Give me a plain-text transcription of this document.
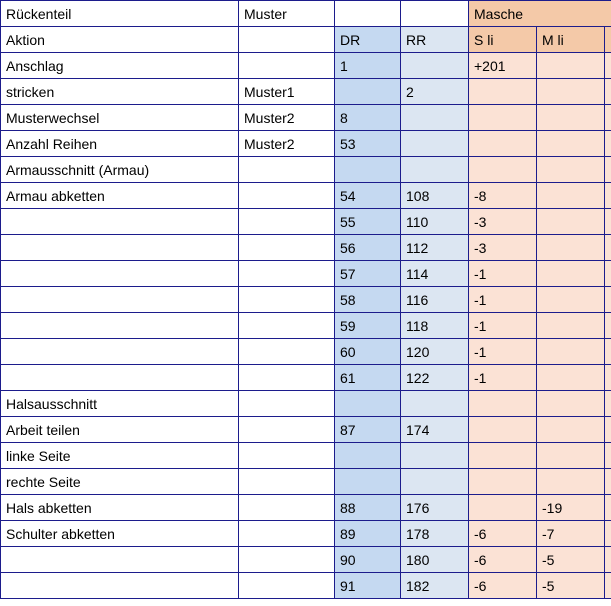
Rückenteil	Muster			Masche		
Aktion		DR	RR	S li	M li	
Anschlag		1		+201		
stricken	Muster1		2			
Musterwechsel	Muster2	8				
Anzahl Reihen	Muster2	53				
Armausschnitt (Armau)						
Armau abketten		54	108	-8		
		55	110	-3		
		56	112	-3		
		57	114	-1		
		58	116	-1		
		59	118	-1		
		60	120	-1		
		61	122	-1		
Halsausschnitt						
Arbeit teilen		87	174			
linke Seite						
rechte Seite						
Hals abketten		88	176		-19	
Schulter abketten		89	178	-6	-7	
		90	180	-6	-5	
		91	182	-6	-5	
